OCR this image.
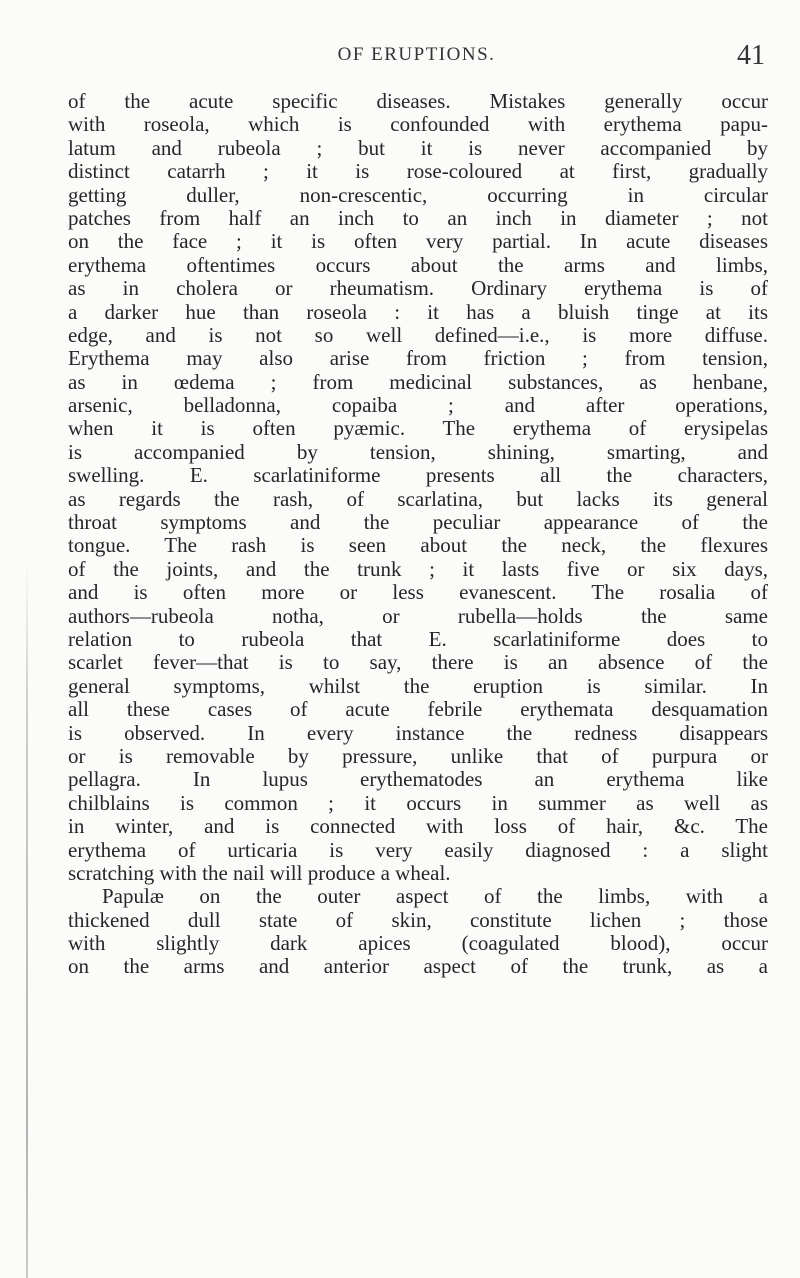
OF ERUPTIONS.	41
of the acute specific diseases. Mistakes generally occur
with roseola, which is confounded with erythema papu-
latum and rubeola ; but it is never accompanied by
distinct catarrh ; it is rose-coloured at first, gradually
getting duller, non-crescentic, occurring in circular
patches from half an inch to an inch in diameter ; not
on the face ; it is often very partial. In acute diseases
erythema oftentimes occurs about the arms and limbs,
as in cholera or rheumatism. Ordinary erythema is of
a darker hue than roseola : it has a bluish tinge at its
edge, and is not so well defined—i.e., is more diffuse.
Erythema may also arise from friction ; from tension,
as in œdema ; from medicinal substances, as henbane,
arsenic, belladonna, copaiba ; and after operations,
when it is often pyæmic. The erythema of erysipelas
is accompanied by tension, shining, smarting, and
swelling. E. scarlatiniforme presents all the characters,
as regards the rash, of scarlatina, but lacks its general
throat symptoms and the peculiar appearance of the
tongue. The rash is seen about the neck, the flexures
of the joints, and the trunk ; it lasts five or six days,
and is often more or less evanescent. The rosalia of
authors—rubeola notha, or rubella—holds the same
relation to rubeola that E. scarlatiniforme does to
scarlet fever—that is to say, there is an absence of the
general symptoms, whilst the eruption is similar. In
all these cases of acute febrile erythemata desquamation
is observed. In every instance the redness disappears
or is removable by pressure, unlike that of purpura or
pellagra. In lupus erythematodes an erythema like
chilblains is common ; it occurs in summer as well as
in winter, and is connected with loss of hair, &c. The
erythema of urticaria is very easily diagnosed : a slight
scratching with the nail will produce a wheal.
Papulæ on the outer aspect of the limbs, with a
thickened dull state of skin, constitute lichen ; those
with slightly dark apices (coagulated blood), occur
on the arms and anterior aspect of the trunk, as a
